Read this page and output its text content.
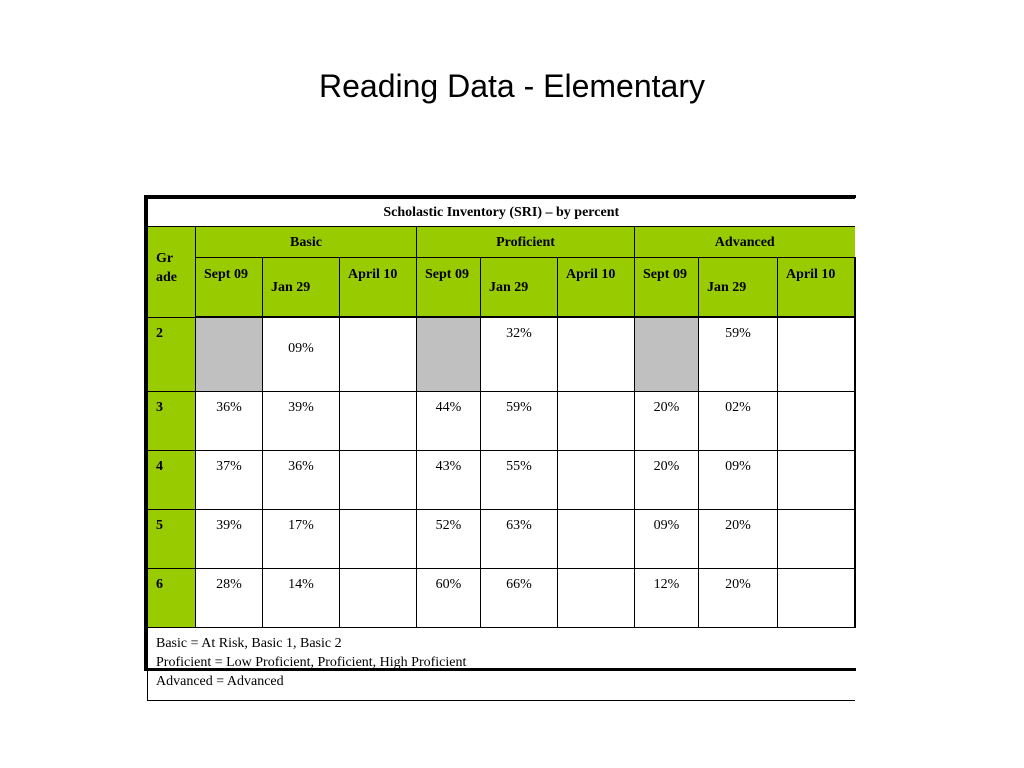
Reading Data - Elementary
Scholastic Inventory (SRI) – by percent									
Gr ade	Basic			Proficient			Advanced		
	Sept 09	Jan 29	April 10	Sept 09	Jan 29	April 10	Sept 09	Jan 29	April 10
2		09%			32%			59%	
3	36%	39%		44%	59%		20%	02%	
4	37%	36%		43%	55%		20%	09%	
5	39%	17%		52%	63%		09%	20%	
6	28%	14%		60%	66%		12%	20%	

Basic = At Risk, Basic 1, Basic 2
Proficient = Low Proficient, Proficient, High Proficient
Advanced = Advanced									
